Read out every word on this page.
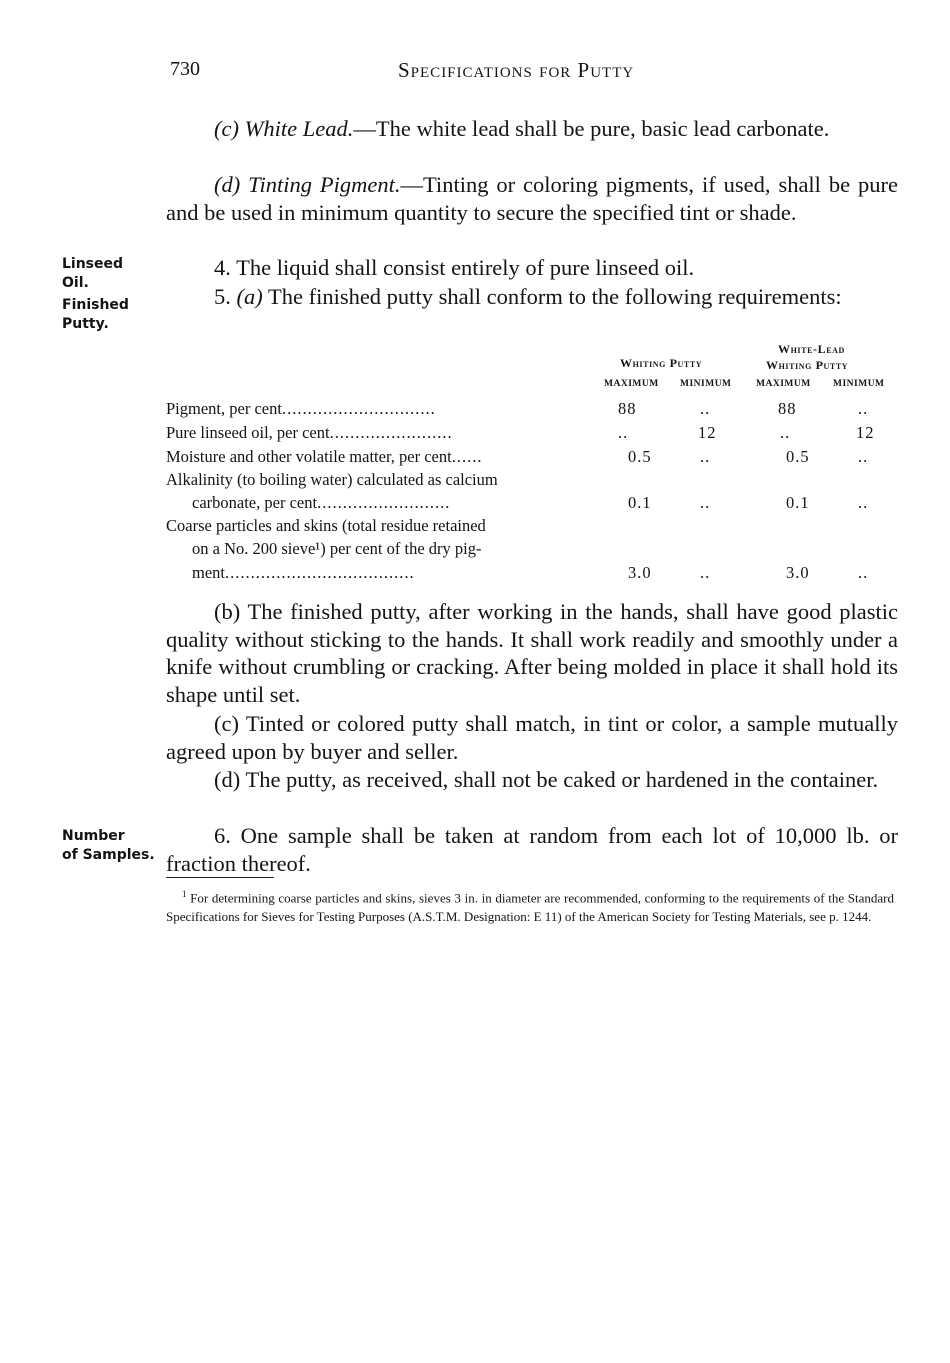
730	Specifications for Putty

(c) White Lead.—The white lead shall be pure, basic lead carbonate.

(d) Tinting Pigment.—Tinting or coloring pigments, if used, shall be pure and be used in minimum quantity to secure the specified tint or shade.

Linseed
Oil.
Finished
Putty.

4. The liquid shall consist entirely of pure linseed oil.

5. (a) The finished putty shall conform to the following requirements:

Whiting Putty
White-Lead
Whiting Putty
MAXIMUM MINIMUM	MAXIMUM MINIMUM
Pigment, per cent..............................	88	..	88	..
Pure linseed oil, per cent........................	..	12	..	12
Moisture and other volatile matter, per cent......	0.5	..	0.5	..
Alkalinity (to boiling water) calculated as calcium
carbonate, per cent..........................	0.1	..	0.1	..
Coarse particles and skins (total residue retained
on a No. 200 sieve¹) per cent of the dry pig-
ment.....................................	3.0	..	3.0	..

(b) The finished putty, after working in the hands, shall have good plastic quality without sticking to the hands. It shall work readily and smoothly under a knife without crumbling or cracking. After being molded in place it shall hold its shape until set.

(c) Tinted or colored putty shall match, in tint or color, a sample mutually agreed upon by buyer and seller.

(d) The putty, as received, shall not be caked or hardened in the container.

Number
of Samples.

6. One sample shall be taken at random from each lot of 10,000 lb. or fraction thereof.

$^1$ For determining coarse particles and skins, sieves 3 in. in diameter are recommended, conforming to the requirements of the Standard Specifications for Sieves for Testing Purposes (A.S.T.M. Designation: E 11) of the American Society for Testing Materials, see p. 1244.
